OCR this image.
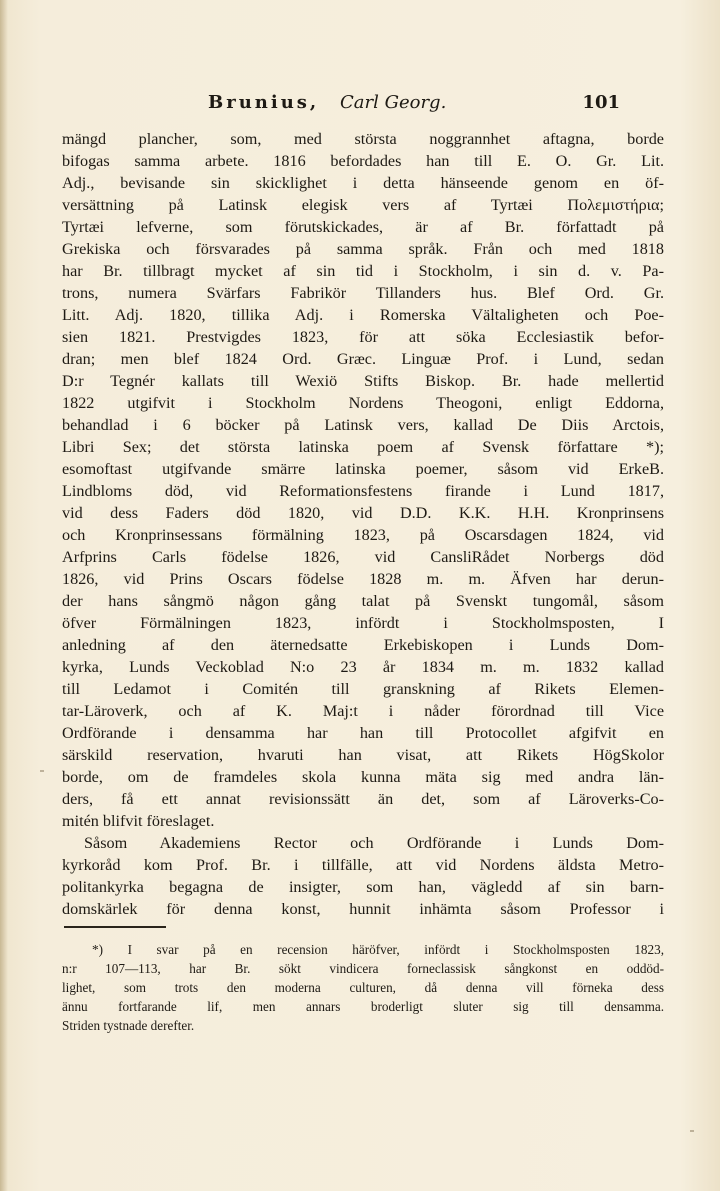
Brunius, Carl Georg.	101
mängd plancher, som, med största noggrannhet aftagna, borde
bifogas samma arbete. 1816 befordades han till E. O. Gr. Lit.
Adj., bevisande sin skicklighet i detta hänseende genom en öf-
versättning på Latinsk elegisk vers af Tyrtæi Πολεμιστήρια;
Tyrtæi lefverne, som förutskickades, är af Br. författadt på
Grekiska och försvarades på samma språk. Från och med 1818
har Br. tillbragt mycket af sin tid i Stockholm, i sin d. v. Pa-
trons, numera Svärfars Fabrikör Tillanders hus. Blef Ord. Gr.
Litt. Adj. 1820, tillika Adj. i Romerska Vältaligheten och Poe-
sien 1821. Prestvigdes 1823, för att söka Ecclesiastik befor-
dran; men blef 1824 Ord. Græc. Linguæ Prof. i Lund, sedan
D:r Tegnér kallats till Wexiö Stifts Biskop. Br. hade mellertid
1822 utgifvit i Stockholm Nordens Theogoni, enligt Eddorna,
behandlad i 6 böcker på Latinsk vers, kallad De Diis Arctois,
Libri Sex; det största latinska poem af Svensk författare *);
esomoftast utgifvande smärre latinska poemer, såsom vid ErkeB.
Lindbloms död, vid Reformationsfestens firande i Lund 1817,
vid dess Faders död 1820, vid D.D. K.K. H.H. Kronprinsens
och Kronprinsessans förmälning 1823, på Oscarsdagen 1824, vid
Arfprins Carls födelse 1826, vid CansliRådet Norbergs död
1826, vid Prins Oscars födelse 1828 m. m. Äfven har derun-
der hans sångmö någon gång talat på Svenskt tungomål, såsom
öfver Förmälningen 1823, infördt i Stockholmsposten, I
anledning af den äternedsatte Erkebiskopen i Lunds Dom-
kyrka, Lunds Veckoblad N:o 23 år 1834 m. m. 1832 kallad
till Ledamot i Comitén till granskning af Rikets Elemen-
tar-Läroverk, och af K. Maj:t i nåder förordnad till Vice
Ordförande i densamma har han till Protocollet afgifvit en
särskild reservation, hvaruti han visat, att Rikets HögSkolor
borde, om de framdeles skola kunna mäta sig med andra län-
ders, få ett annat revisionssätt än det, som af Läroverks-Co-
mitén blifvit föreslaget.
Såsom Akademiens Rector och Ordförande i Lunds Dom-
kyrkoråd kom Prof. Br. i tillfälle, att vid Nordens äldsta Metro-
politankyrka begagna de insigter, som han, vägledd af sin barn-
domskärlek för denna konst, hunnit inhämta såsom Professor i
*) I svar på en recension häröfver, infördt i Stockholmsposten 1823,
n:r 107—113, har Br. sökt vindicera forneclassisk sångkonst en oddöd-
lighet, som trots den moderna culturen, då denna vill förneka dess
ännu fortfarande lif, men annars broderligt sluter sig till densamma.
Striden tystnade derefter.
